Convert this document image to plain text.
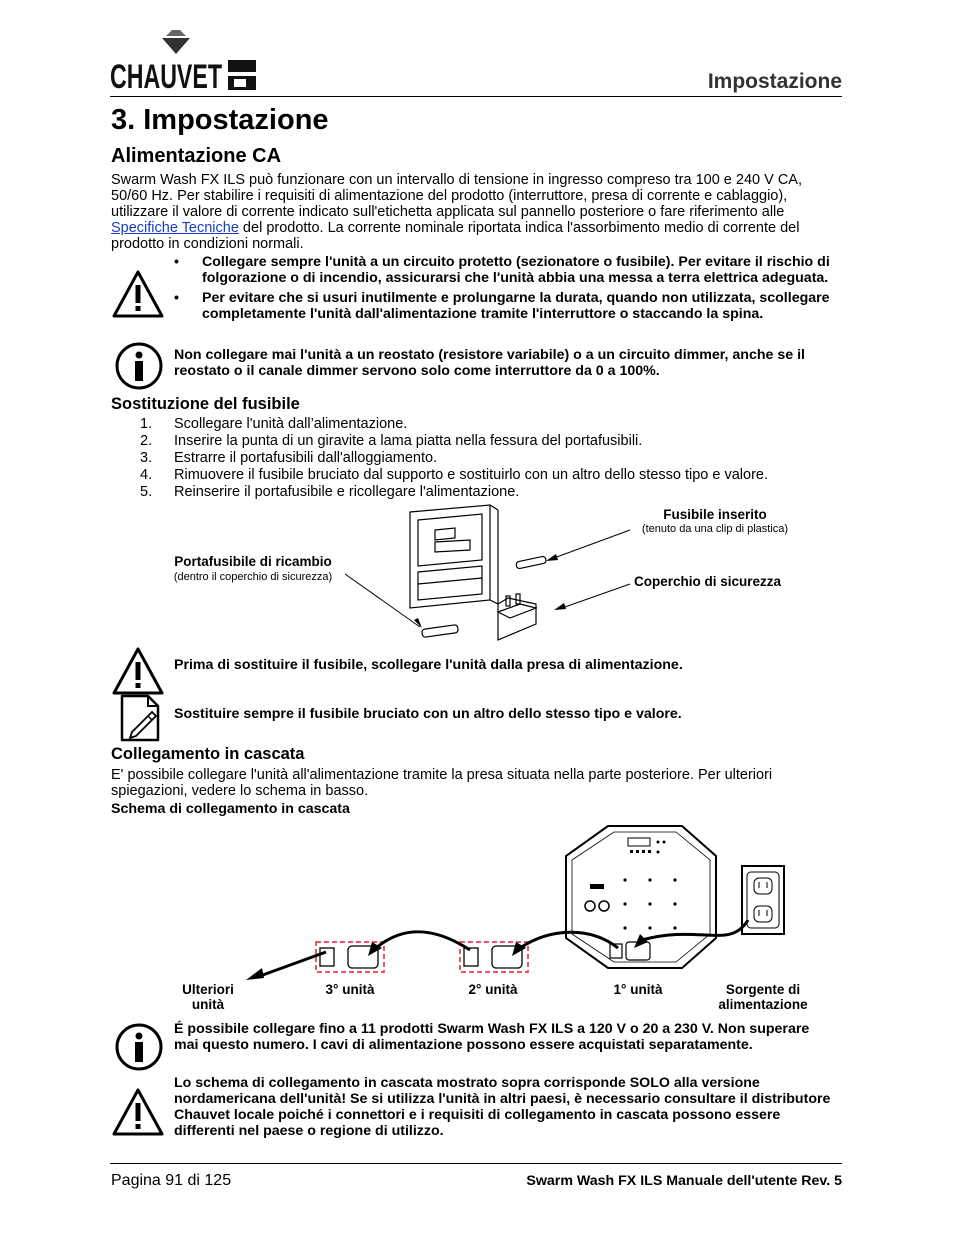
CHAUVET	Impostazione
3. Impostazione
Alimentazione CA
Swarm Wash FX ILS può funzionare con un intervallo di tensione in ingresso compreso tra 100 e 240 V CA, 50/60 Hz. Per stabilire i requisiti di alimentazione del prodotto (interruttore, presa di corrente e cablaggio), utilizzare il valore di corrente indicato sull'etichetta applicata sul pannello posteriore o fare riferimento alle Specifiche Tecniche del prodotto. La corrente nominale riportata indica l'assorbimento medio di corrente del prodotto in condizioni normali.
• Collegare sempre l'unità a un circuito protetto (sezionatore o fusibile). Per evitare il rischio di folgorazione o di incendio, assicurarsi che l'unità abbia una messa a terra elettrica adeguata.
• Per evitare che si usuri inutilmente e prolungarne la durata, quando non utilizzata, scollegare completamente l'unità dall'alimentazione tramite l'interruttore o staccando la spina.
Non collegare mai l'unità a un reostato (resistore variabile) o a un circuito dimmer, anche se il reostato o il canale dimmer servono solo come interruttore da 0 a 100%.
Sostituzione del fusibile
1. Scollegare l'unità dall’alimentazione.
2. Inserire la punta di un giravite a lama piatta nella fessura del portafusibili.
3. Estrarre il portafusibili dall'alloggiamento.
4. Rimuovere il fusibile bruciato dal supporto e sostituirlo con un altro dello stesso tipo e valore.
5. Reinserire il portafusibile e ricollegare l'alimentazione.
Fusibile inserito
(tenuto da una clip di plastica)
Portafusibile di ricambio
(dentro il coperchio di sicurezza)	Coperchio di sicurezza
Prima di sostituire il fusibile, scollegare l'unità dalla presa di alimentazione.
Sostituire sempre il fusibile bruciato con un altro dello stesso tipo e valore.
Collegamento in cascata
E' possibile collegare l'unità all'alimentazione tramite la presa situata nella parte posteriore. Per ulteriori spiegazioni, vedere lo schema in basso.
Schema di collegamento in cascata
Ulteriori unità
3° unità	2° unità	1° unità	Sorgente di alimentazione
É possibile collegare fino a 11 prodotti Swarm Wash FX ILS a 120 V o 20 a 230 V. Non superare mai questo numero. I cavi di alimentazione possono essere acquistati separatamente.
Lo schema di collegamento in cascata mostrato sopra corrisponde SOLO alla versione nordamericana dell'unità! Se si utilizza l'unità in altri paesi, è necessario consultare il distributore Chauvet locale poiché i connettori e i requisiti di collegamento in cascata possono essere differenti nel paese o regione di utilizzo.
Pagina 91 di 125	Swarm Wash FX ILS Manuale dell'utente Rev. 5
